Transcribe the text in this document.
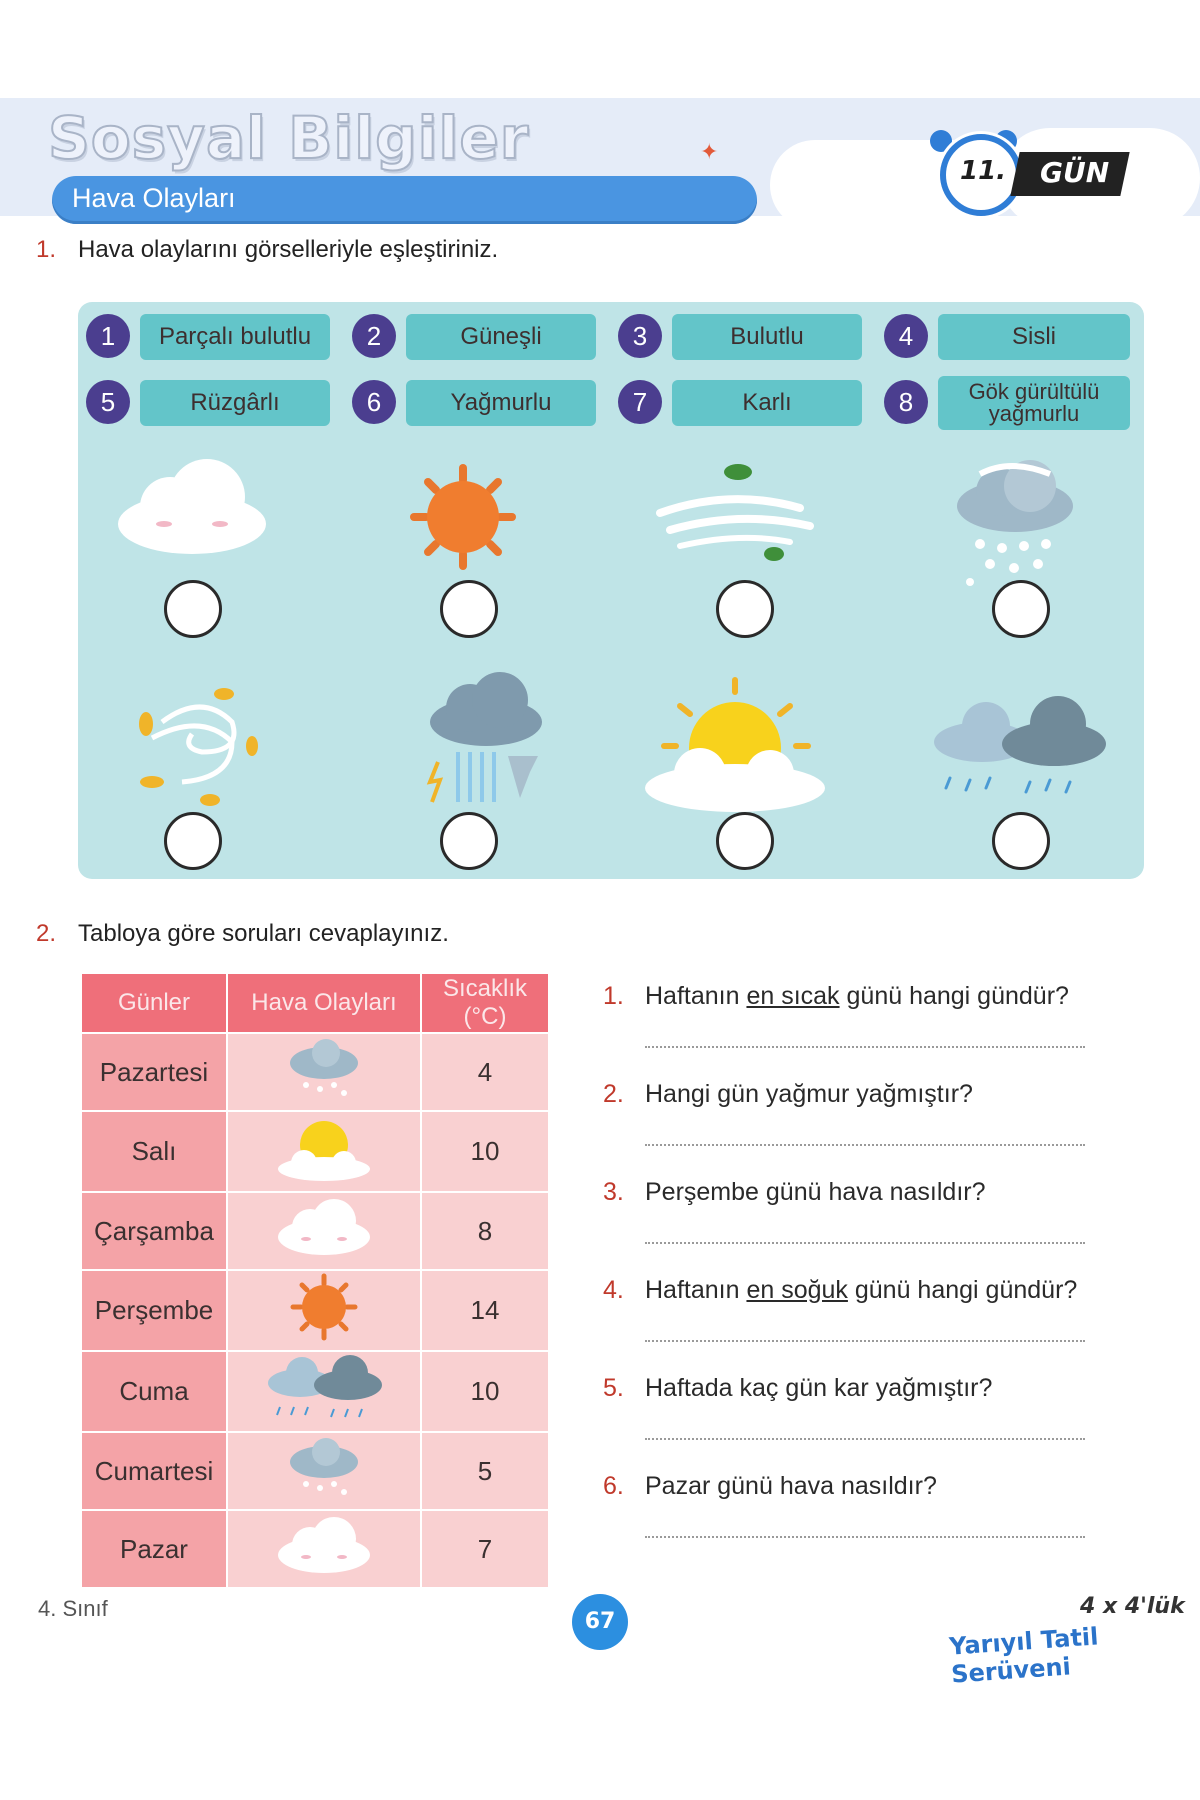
Sosyal Bilgiler
Hava Olayları
✦
11. GÜN
1. Hava olaylarını görselleriyle eşleştiriniz.
1	Parçalı bulutlu	2	Güneşli	3	Bulutlu	4	Sisli
5	Rüzgârlı	6	Yağmurlu	7	Karlı	8	Gök gürültülü yağmurlu
2. Tabloya göre soruları cevaplayınız.
Günler	Hava Olayları	Sıcaklık (°C)
Pazartesi		4
Salı		10
Çarşamba		8
Perşembe		14
Cuma		10
Cumartesi		5
Pazar		7
1. Haftanın en sıcak günü hangi gündür?
2. Hangi gün yağmur yağmıştır?
3. Perşembe günü hava nasıldır?
4. Haftanın en soğuk günü hangi gündür?
5. Haftada kaç gün kar yağmıştır?
6. Pazar günü hava nasıldır?
4. Sınıf
67
4 x 4'lük
Yarıyıl Tatil Serüveni
